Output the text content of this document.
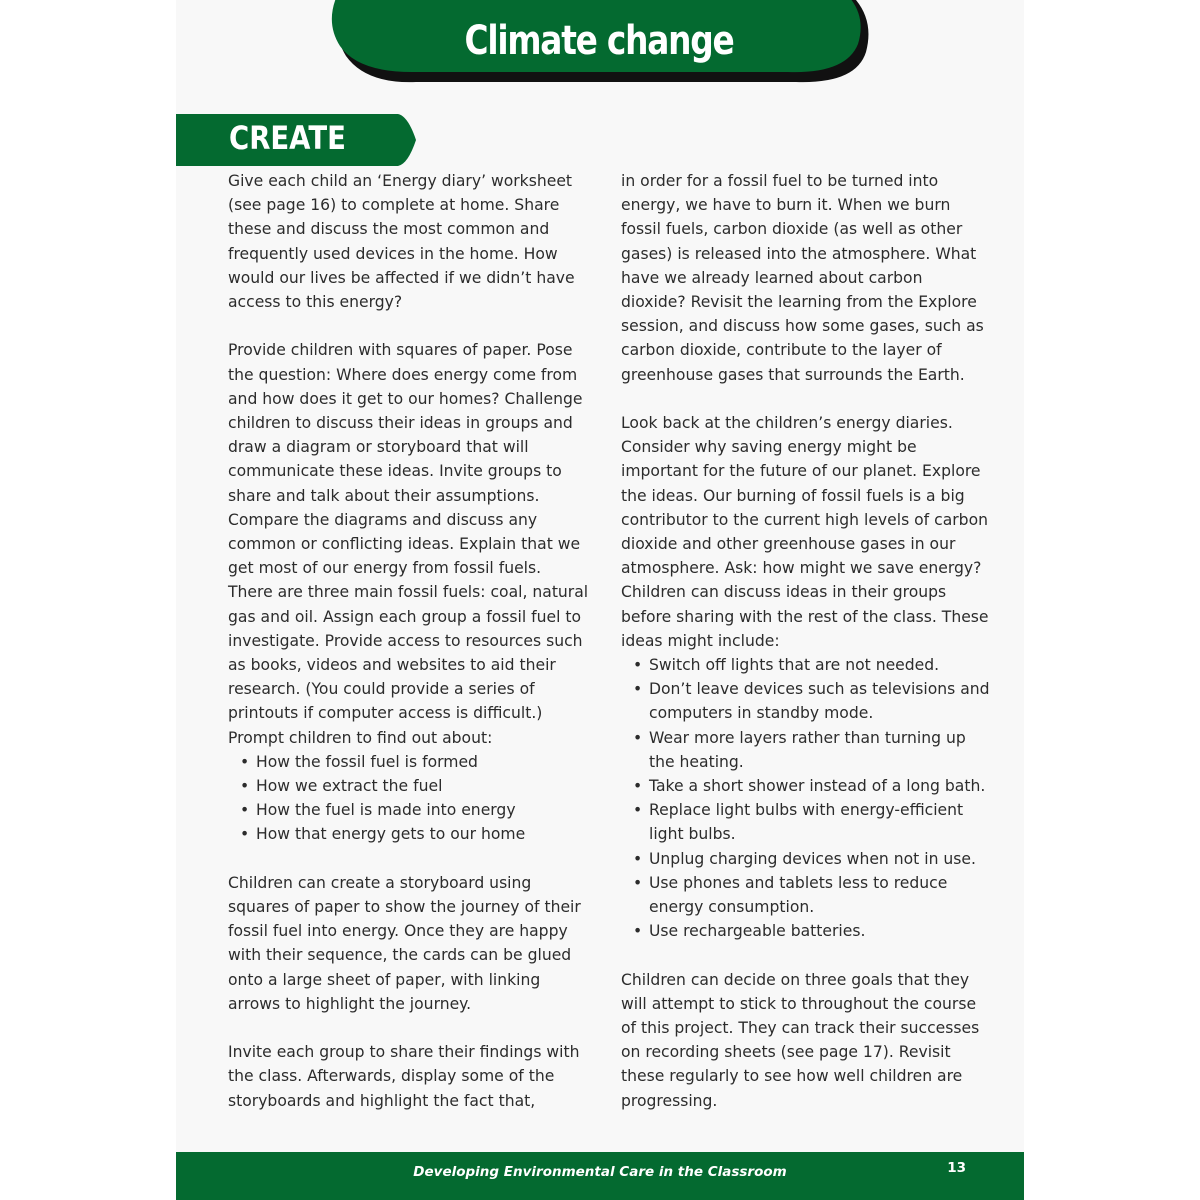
Climate change
CREATE

Give each child an ‘Energy diary’ worksheet (see page 16) to complete at home. Share these and discuss the most common and frequently used devices in the home. How would our lives be affected if we didn’t have access to this energy?

Provide children with squares of paper. Pose the question: Where does energy come from and how does it get to our homes? Challenge children to discuss their ideas in groups and draw a diagram or storyboard that will communicate these ideas. Invite groups to share and talk about their assumptions. Compare the diagrams and discuss any common or conflicting ideas. Explain that we get most of our energy from fossil fuels. There are three main fossil fuels: coal, natural gas and oil. Assign each group a fossil fuel to investigate. Provide access to resources such as books, videos and websites to aid their research. (You could provide a series of printouts if computer access is difficult.) Prompt children to find out about:
• How the fossil fuel is formed
• How we extract the fuel
• How the fuel is made into energy
• How that energy gets to our home

Children can create a storyboard using squares of paper to show the journey of their fossil fuel into energy. Once they are happy with their sequence, the cards can be glued onto a large sheet of paper, with linking arrows to highlight the journey.

Invite each group to share their findings with the class. Afterwards, display some of the storyboards and highlight the fact that,

in order for a fossil fuel to be turned into energy, we have to burn it. When we burn fossil fuels, carbon dioxide (as well as other gases) is released into the atmosphere. What have we already learned about carbon dioxide? Revisit the learning from the Explore session, and discuss how some gases, such as carbon dioxide, contribute to the layer of greenhouse gases that surrounds the Earth.

Look back at the children’s energy diaries. Consider why saving energy might be important for the future of our planet. Explore the ideas. Our burning of fossil fuels is a big contributor to the current high levels of carbon dioxide and other greenhouse gases in our atmosphere. Ask: how might we save energy? Children can discuss ideas in their groups before sharing with the rest of the class. These ideas might include:
• Switch off lights that are not needed.
• Don’t leave devices such as televisions and computers in standby mode.
• Wear more layers rather than turning up the heating.
• Take a short shower instead of a long bath.
• Replace light bulbs with energy-efficient light bulbs.
• Unplug charging devices when not in use.
• Use phones and tablets less to reduce energy consumption.
• Use rechargeable batteries.

Children can decide on three goals that they will attempt to stick to throughout the course of this project. They can track their successes on recording sheets (see page 17). Revisit these regularly to see how well children are progressing.

Developing Environmental Care in the Classroom	13
